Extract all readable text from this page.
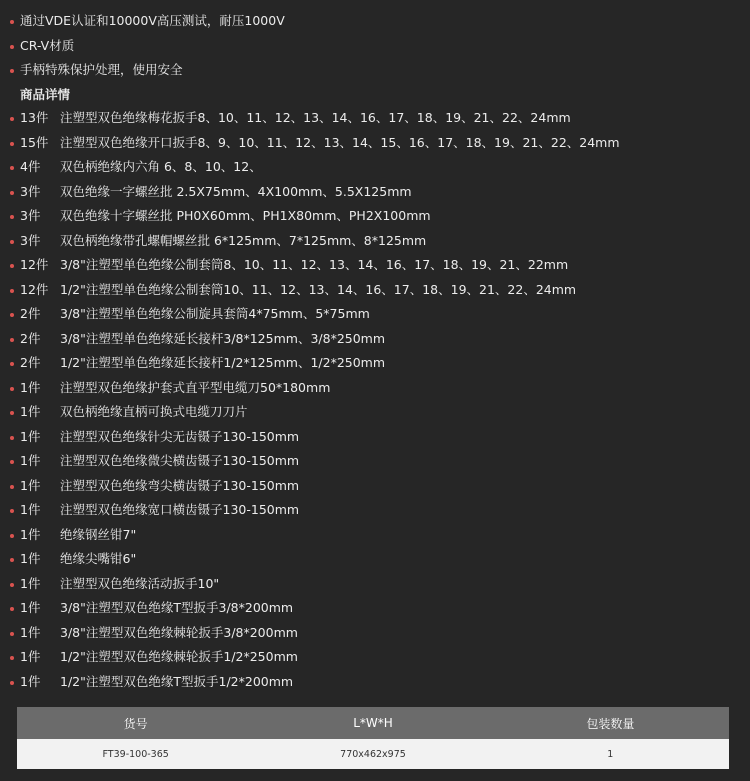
通过VDE认证和10000V高压测试，耐压1000V
CR-V材质
手柄特殊保护处理，使用安全
商品详情
13件 注塑型双色绝缘梅花扳手8、10、11、12、13、14、16、17、18、19、21、22、24mm
15件 注塑型双色绝缘开口扳手8、9、10、11、12、13、14、15、16、17、18、19、21、22、24mm
4件 双色柄绝缘内六角 6、8、10、12、
3件 双色绝缘一字螺丝批 2.5X75mm、4X100mm、5.5X125mm
3件 双色绝缘十字螺丝批 PH0X60mm、PH1X80mm、PH2X100mm
3件 双色柄绝缘带孔螺帽螺丝批 6*125mm、7*125mm、8*125mm
12件 3/8"注塑型单色绝缘公制套筒8、10、11、12、13、14、16、17、18、19、21、22mm
12件 1/2"注塑型单色绝缘公制套筒10、11、12、13、14、16、17、18、19、21、22、24mm
2件 3/8"注塑型单色绝缘公制旋具套筒4*75mm、5*75mm
2件 3/8"注塑型单色绝缘延长接杆3/8*125mm、3/8*250mm
2件 1/2"注塑型单色绝缘延长接杆1/2*125mm、1/2*250mm
1件 注塑型双色绝缘护套式直平型电缆刀50*180mm
1件 双色柄绝缘直柄可换式电缆刀刀片
1件 注塑型双色绝缘针尖无齿镊子130-150mm
1件 注塑型双色绝缘微尖横齿镊子130-150mm
1件 注塑型双色绝缘弯尖横齿镊子130-150mm
1件 注塑型双色绝缘宽口横齿镊子130-150mm
1件 绝缘钢丝钳7"
1件 绝缘尖嘴钳6"
1件 注塑型双色绝缘活动扳手10"
1件 3/8"注塑型双色绝缘T型扳手3/8*200mm
1件 3/8"注塑型双色绝缘棘轮扳手3/8*200mm
1件 1/2"注塑型双色绝缘棘轮扳手1/2*250mm
1件 1/2"注塑型双色绝缘T型扳手1/2*200mm
货号	L*W*H	包装数量
FT39-100-365	770x462x975	1
